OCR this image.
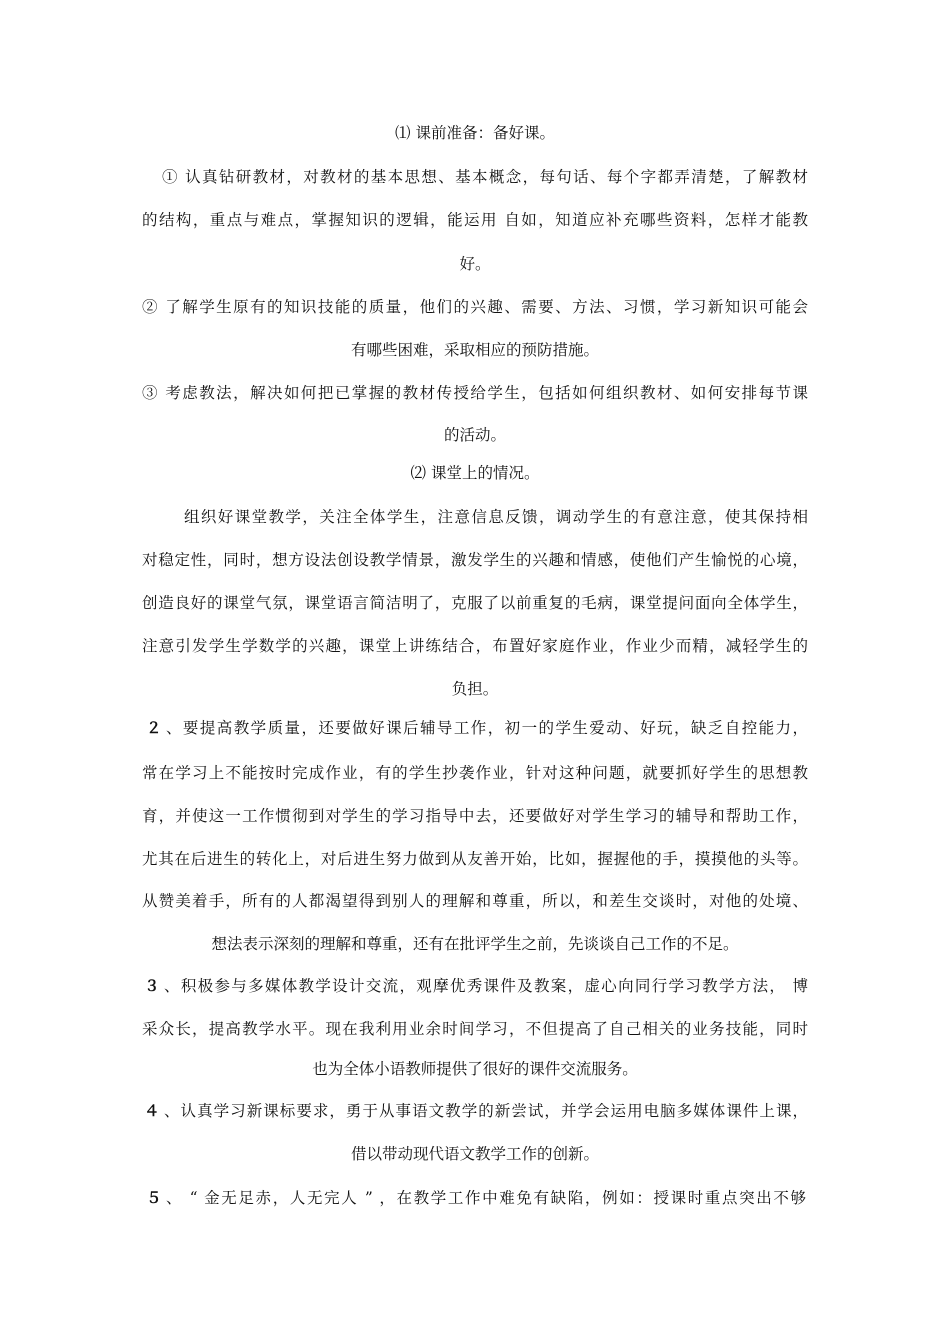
⑴ 课前准备：备好课。
① 认真钻研教材，对教材的基本思想、基本概念，每句话、每个字都弄清楚，了解教材
的结构，重点与难点，掌握知识的逻辑，能运用 自如，知道应补充哪些资料，怎样才能教
好。
② 了解学生原有的知识技能的质量，他们的兴趣、需要、方法、习惯，学习新知识可能会
有哪些困难，采取相应的预防措施。
③ 考虑教法，解决如何把已掌握的教材传授给学生，包括如何组织教材、如何安排每节课
的活动。
⑵ 课堂上的情况。
组织好课堂教学，关注全体学生，注意信息反馈，调动学生的有意注意，使其保持相
对稳定性，同时，想方设法创设教学情景，激发学生的兴趣和情感，使他们产生愉悦的心境，
创造良好的课堂气氛，课堂语言简洁明了，克服了以前重复的毛病，课堂提问面向全体学生，
注意引发学生学数学的兴趣，课堂上讲练结合，布置好家庭作业，作业少而精，减轻学生的
负担。
２ 、要提高教学质量，还要做好课后辅导工作，初一的学生爱动、好玩，缺乏自控能力，
常在学习上不能按时完成作业，有的学生抄袭作业，针对这种问题，就要抓好学生的思想教
育，并使这一工作惯彻到对学生的学习指导中去，还要做好对学生学习的辅导和帮助工作，
尤其在后进生的转化上，对后进生努力做到从友善开始，比如，握握他的手，摸摸他的头等。
从赞美着手，所有的人都渴望得到别人的理解和尊重，所以，和差生交谈时，对他的处境、
想法表示深刻的理解和尊重，还有在批评学生之前，先谈谈自己工作的不足。
３ 、积极参与多媒体教学设计交流，观摩优秀课件及教案，虚心向同行学习教学方法， 博
采众长，提高教学水平。现在我利用业余时间学习，不但提高了自己相关的业务技能，同时
也为全体小语教师提供了很好的课件交流服务。
４ 、认真学习新课标要求，勇于从事语文教学的新尝试，并学会运用电脑多媒体课件上课，
借以带动现代语文教学工作的创新。
５ 、 “ 金无足赤，人无完人 ” ，在教学工作中难免有缺陷，例如：授课时重点突出不够
